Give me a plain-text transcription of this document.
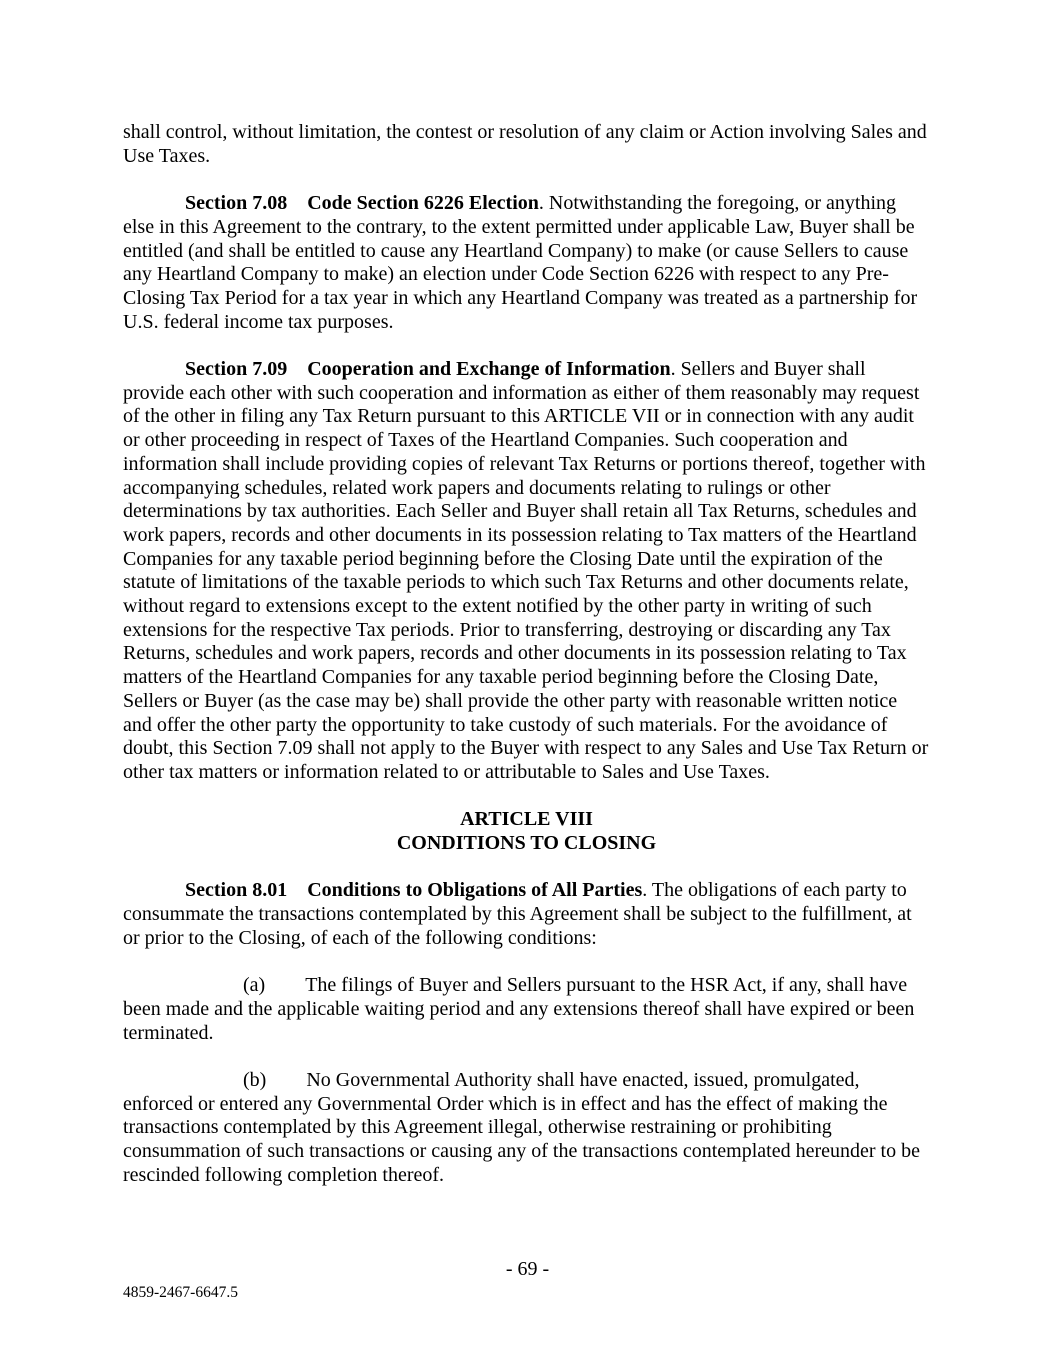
shall control, without limitation, the contest or resolution of any claim or Action involving Sales and Use Taxes.

Section 7.08 Code Section 6226 Election. Notwithstanding the foregoing, or anything else in this Agreement to the contrary, to the extent permitted under applicable Law, Buyer shall be entitled (and shall be entitled to cause any Heartland Company) to make (or cause Sellers to cause any Heartland Company to make) an election under Code Section 6226 with respect to any Pre-Closing Tax Period for a tax year in which any Heartland Company was treated as a partnership for U.S. federal income tax purposes.

Section 7.09 Cooperation and Exchange of Information. Sellers and Buyer shall provide each other with such cooperation and information as either of them reasonably may request of the other in filing any Tax Return pursuant to this ARTICLE VII or in connection with any audit or other proceeding in respect of Taxes of the Heartland Companies. Such cooperation and information shall include providing copies of relevant Tax Returns or portions thereof, together with accompanying schedules, related work papers and documents relating to rulings or other determinations by tax authorities. Each Seller and Buyer shall retain all Tax Returns, schedules and work papers, records and other documents in its possession relating to Tax matters of the Heartland Companies for any taxable period beginning before the Closing Date until the expiration of the statute of limitations of the taxable periods to which such Tax Returns and other documents relate, without regard to extensions except to the extent notified by the other party in writing of such extensions for the respective Tax periods. Prior to transferring, destroying or discarding any Tax Returns, schedules and work papers, records and other documents in its possession relating to Tax matters of the Heartland Companies for any taxable period beginning before the Closing Date, Sellers or Buyer (as the case may be) shall provide the other party with reasonable written notice and offer the other party the opportunity to take custody of such materials. For the avoidance of doubt, this Section 7.09 shall not apply to the Buyer with respect to any Sales and Use Tax Return or other tax matters or information related to or attributable to Sales and Use Taxes.

ARTICLE VIII
CONDITIONS TO CLOSING

Section 8.01 Conditions to Obligations of All Parties. The obligations of each party to consummate the transactions contemplated by this Agreement shall be subject to the fulfillment, at or prior to the Closing, of each of the following conditions:

(a) The filings of Buyer and Sellers pursuant to the HSR Act, if any, shall have been made and the applicable waiting period and any extensions thereof shall have expired or been terminated.

(b) No Governmental Authority shall have enacted, issued, promulgated, enforced or entered any Governmental Order which is in effect and has the effect of making the transactions contemplated by this Agreement illegal, otherwise restraining or prohibiting consummation of such transactions or causing any of the transactions contemplated hereunder to be rescinded following completion thereof.

- 69 -
4859-2467-6647.5
